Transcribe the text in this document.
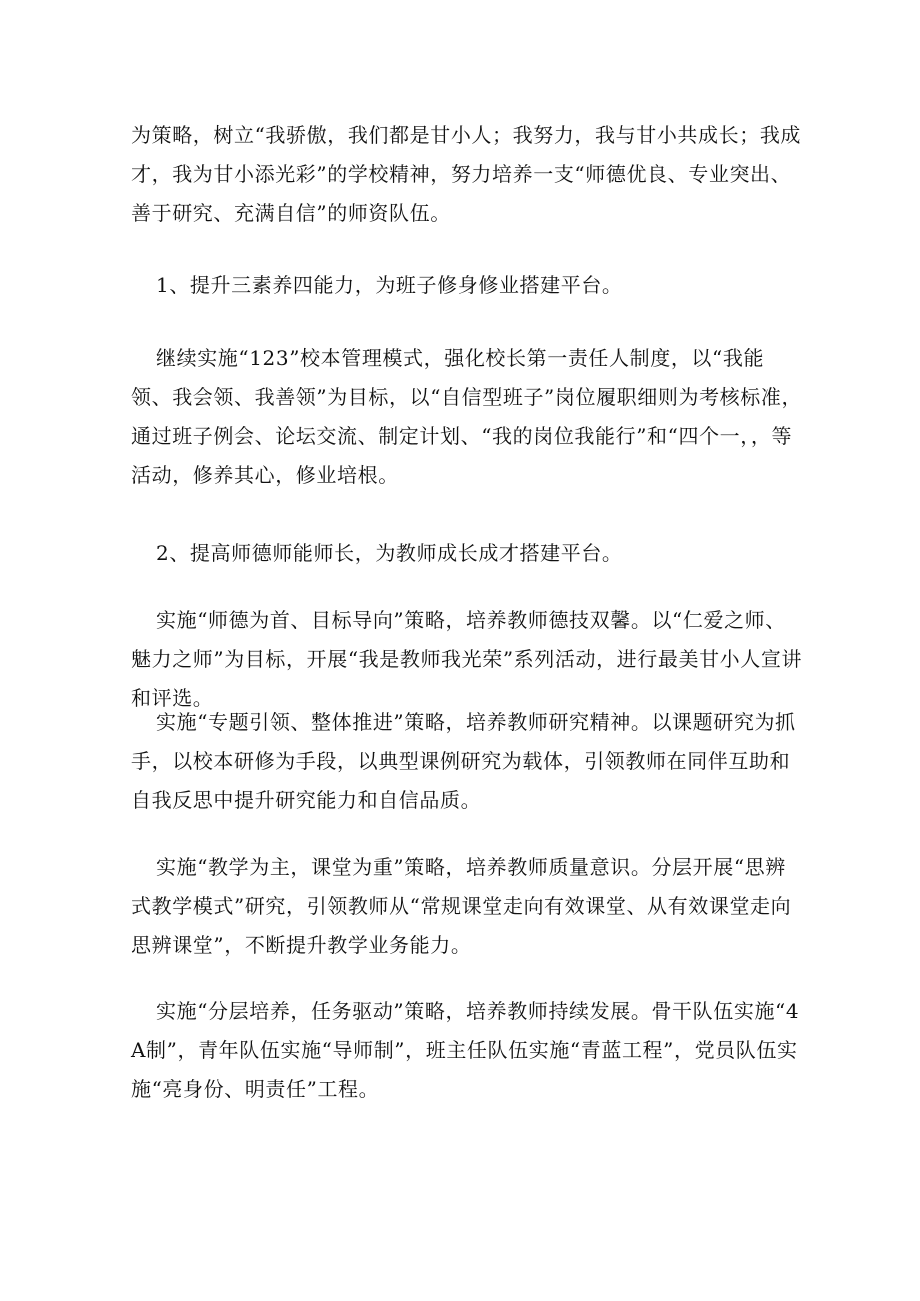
为策略，树立“我骄傲，我们都是甘小人；我努力，我与甘小共成长；我成才，我为甘小添光彩”的学校精神，努力培养一支“师德优良、专业突出、善于研究、充满自信”的师资队伍。

1、提升三素养四能力，为班子修身修业搭建平台。

继续实施“123”校本管理模式，强化校长第一责任人制度，以“我能领、我会领、我善领”为目标，以“自信型班子”岗位履职细则为考核标准，通过班子例会、论坛交流、制定计划、“我的岗位我能行”和“四个一，，等活动，修养其心，修业培根。

2、提高师德师能师长，为教师成长成才搭建平台。

实施“师德为首、目标导向”策略，培养教师德技双馨。以“仁爱之师、魅力之师”为目标，开展“我是教师我光荣”系列活动，进行最美甘小人宣讲和评选。

实施“专题引领、整体推进”策略，培养教师研究精神。以课题研究为抓手，以校本研修为手段，以典型课例研究为载体，引领教师在同伴互助和自我反思中提升研究能力和自信品质。

实施“教学为主，课堂为重”策略，培养教师质量意识。分层开展“思辨式教学模式”研究，引领教师从“常规课堂走向有效课堂、从有效课堂走向思辨课堂”，不断提升教学业务能力。

实施“分层培养，任务驱动”策略，培养教师持续发展。骨干队伍实施“4A制”，青年队伍实施“导师制”，班主任队伍实施“青蓝工程”，党员队伍实施“亮身份、明责任”工程。
